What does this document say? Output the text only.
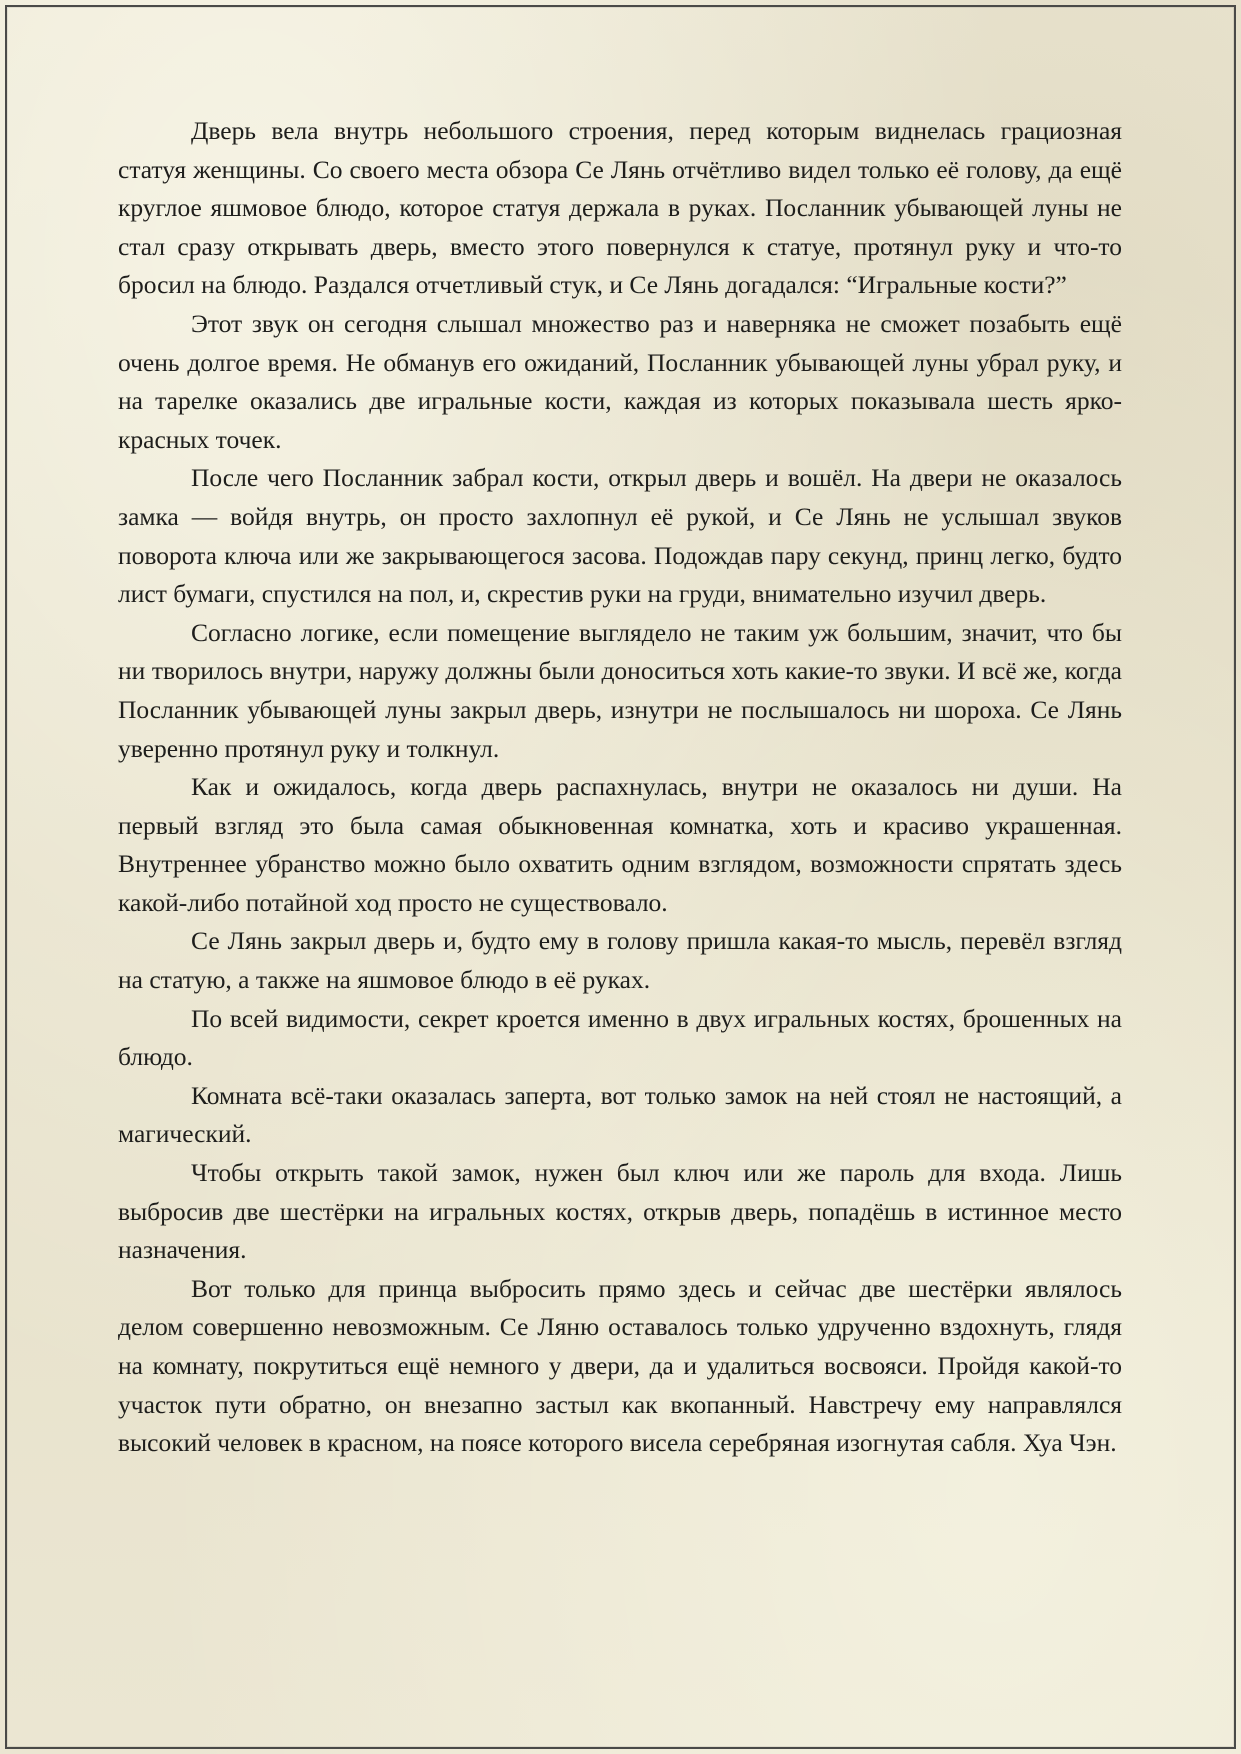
Дверь вела внутрь небольшого строения, перед которым виднелась грациозная статуя женщины. Со своего места обзора Се Лянь отчётливо видел только её голову, да ещё круглое яшмовое блюдо, которое статуя держала в руках. Посланник убывающей луны не стал сразу открывать дверь, вместо этого повернулся к статуе, протянул руку и что-то бросил на блюдо. Раздался отчетливый стук, и Се Лянь догадался: “Игральные кости?”

Этот звук он сегодня слышал множество раз и наверняка не сможет позабыть ещё очень долгое время. Не обманув его ожиданий, Посланник убывающей луны убрал руку, и на тарелке оказались две игральные кости, каждая из которых показывала шесть ярко-красных точек.

После чего Посланник забрал кости, открыл дверь и вошёл. На двери не оказалось замка — войдя внутрь, он просто захлопнул её рукой, и Се Лянь не услышал звуков поворота ключа или же закрывающегося засова. Подождав пару секунд, принц легко, будто лист бумаги, спустился на пол, и, скрестив руки на груди, внимательно изучил дверь.

Согласно логике, если помещение выглядело не таким уж большим, значит, что бы ни творилось внутри, наружу должны были доноситься хоть какие-то звуки. И всё же, когда Посланник убывающей луны закрыл дверь, изнутри не послышалось ни шороха. Се Лянь уверенно протянул руку и толкнул.

Как и ожидалось, когда дверь распахнулась, внутри не оказалось ни души. На первый взгляд это была самая обыкновенная комнатка, хоть и красиво украшенная. Внутреннее убранство можно было охватить одним взглядом, возможности спрятать здесь какой-либо потайной ход просто не существовало.

Се Лянь закрыл дверь и, будто ему в голову пришла какая-то мысль, перевёл взгляд на статую, а также на яшмовое блюдо в её руках.

По всей видимости, секрет кроется именно в двух игральных костях, брошенных на блюдо.

Комната всё-таки оказалась заперта, вот только замок на ней стоял не настоящий, а магический.

Чтобы открыть такой замок, нужен был ключ или же пароль для входа. Лишь выбросив две шестёрки на игральных костях, открыв дверь, попадёшь в истинное место назначения.

Вот только для принца выбросить прямо здесь и сейчас две шестёрки являлось делом совершенно невозможным. Се Ляню оставалось только удрученно вздохнуть, глядя на комнату, покрутиться ещё немного у двери, да и удалиться восвояси. Пройдя какой-то участок пути обратно, он внезапно застыл как вкопанный. Навстречу ему направлялся высокий человек в красном, на поясе которого висела серебряная изогнутая сабля. Хуа Чэн.
